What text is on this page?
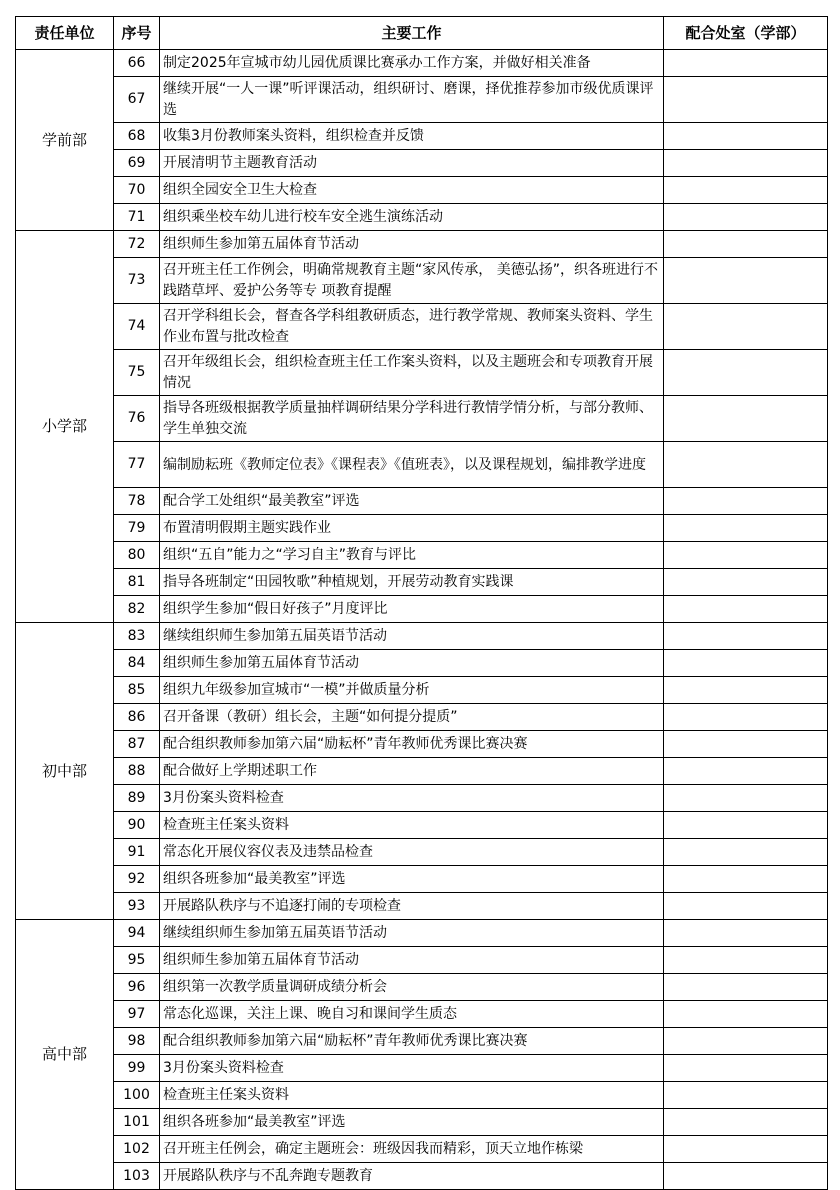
责任单位	序号	主要工作	配合处室（学部）
学前部	66	制定2025年宣城市幼儿园优质课比赛承办工作方案，并做好相关准备	
	67	继续开展“一人一课”听评课活动，组织研讨、磨课，择优推荐参加市级优质课评选	
	68	收集3月份教师案头资料，组织检查并反馈	
	69	开展清明节主题教育活动	
	70	组织全园安全卫生大检查	
	71	组织乘坐校车幼儿进行校车安全逃生演练活动	
小学部	72	组织师生参加第五届体育节活动	
	73	召开班主任工作例会，明确常规教育主题“家风传承， 美德弘扬”，织各班进行不践踏草坪、爱护公务等专 项教育提醒	
	74	召开学科组长会，督查各学科组教研质态，进行教学常规、教师案头资料、学生作业布置与批改检查	
	75	召开年级组长会，组织检查班主任工作案头资料，以及主题班会和专项教育开展情况	
	76	指导各班级根据教学质量抽样调研结果分学科进行教情学情分析，与部分教师、学生单独交流	
	77	编制励耘班《教师定位表》《课程表》《值班表》，以及课程规划，编排教学进度	
	78	配合学工处组织“最美教室”评选	
	79	布置清明假期主题实践作业	
	80	组织“五自”能力之“学习自主”教育与评比	
	81	指导各班制定“田园牧歌”种植规划，开展劳动教育实践课	
	82	组织学生参加“假日好孩子”月度评比	
初中部	83	继续组织师生参加第五届英语节活动	
	84	组织师生参加第五届体育节活动	
	85	组织九年级参加宣城市“一模”并做质量分析	
	86	召开备课（教研）组长会，主题“如何提分提质”	
	87	配合组织教师参加第六届“励耘杯”青年教师优秀课比赛决赛	
	88	配合做好上学期述职工作	
	89	3月份案头资料检查	
	90	检查班主任案头资料	
	91	常态化开展仪容仪表及违禁品检查	
	92	组织各班参加“最美教室”评选	
	93	开展路队秩序与不追逐打闹的专项检查	
高中部	94	继续组织师生参加第五届英语节活动	
	95	组织师生参加第五届体育节活动	
	96	组织第一次教学质量调研成绩分析会	
	97	常态化巡课，关注上课、晚自习和课间学生质态	
	98	配合组织教师参加第六届“励耘杯”青年教师优秀课比赛决赛	
	99	3月份案头资料检查	
	100	检查班主任案头资料	
	101	组织各班参加“最美教室”评选	
	102	召开班主任例会，确定主题班会：班级因我而精彩，顶天立地作栋梁	
	103	开展路队秩序与不乱奔跑专题教育	
